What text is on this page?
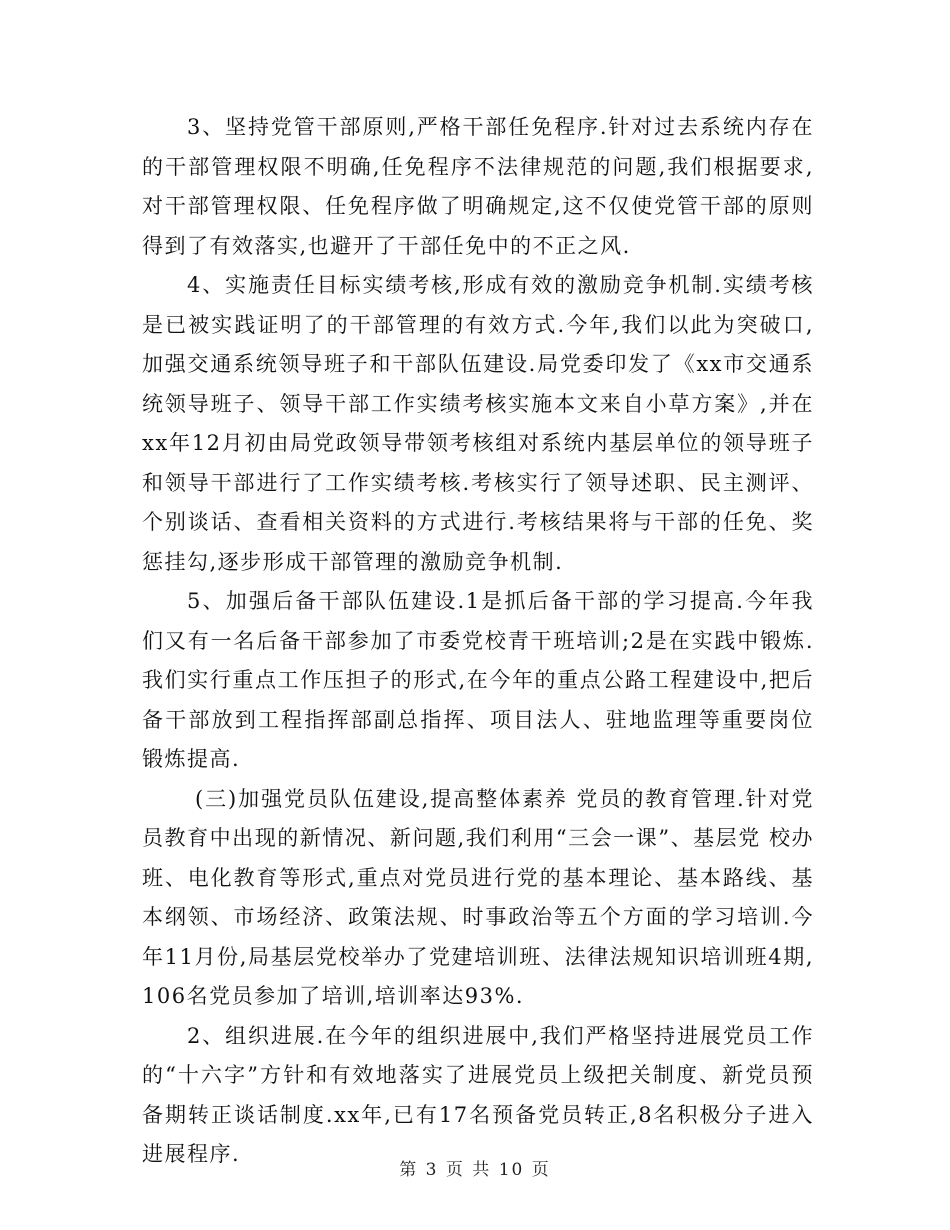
3、坚持党管干部原则,严格干部任免程序.针对过去系统内存在的干部管理权限不明确,任免程序不法律规范的问题,我们根据要求,对干部管理权限、任免程序做了明确规定,这不仅使党管干部的原则得到了有效落实,也避开了干部任免中的不正之风.

4、实施责任目标实绩考核,形成有效的激励竞争机制.实绩考核是已被实践证明了的干部管理的有效方式.今年,我们以此为突破口,加强交通系统领导班子和干部队伍建设.局党委印发了《xx市交通系统领导班子、领导干部工作实绩考核实施本文来自小草方案》,并在xx年12月初由局党政领导带领考核组对系统内基层单位的领导班子和领导干部进行了工作实绩考核.考核实行了领导述职、民主测评、个别谈话、查看相关资料的方式进行.考核结果将与干部的任免、奖惩挂勾,逐步形成干部管理的激励竞争机制.

5、加强后备干部队伍建设.1是抓后备干部的学习提高.今年我们又有一名后备干部参加了市委党校青干班培训;2是在实践中锻炼.我们实行重点工作压担子的形式,在今年的重点公路工程建设中,把后备干部放到工程指挥部副总指挥、项目法人、驻地监理等重要岗位锻炼提高.

(三)加强党员队伍建设,提高整体素养 党员的教育管理.针对党员教育中出现的新情况、新问题,我们利用“三会一课”、基层党 校办班、电化教育等形式,重点对党员进行党的基本理论、基本路线、基本纲领、市场经济、政策法规、时事政治等五个方面的学习培训.今年11月份,局基层党校举办了党建培训班、法律法规知识培训班4期,106名党员参加了培训,培训率达93%.

2、组织进展.在今年的组织进展中,我们严格坚持进展党员工作的“十六字”方针和有效地落实了进展党员上级把关制度、新党员预备期转正谈话制度.xx年,已有17名预备党员转正,8名积极分子进入进展程序.

第 3 页 共 10 页
